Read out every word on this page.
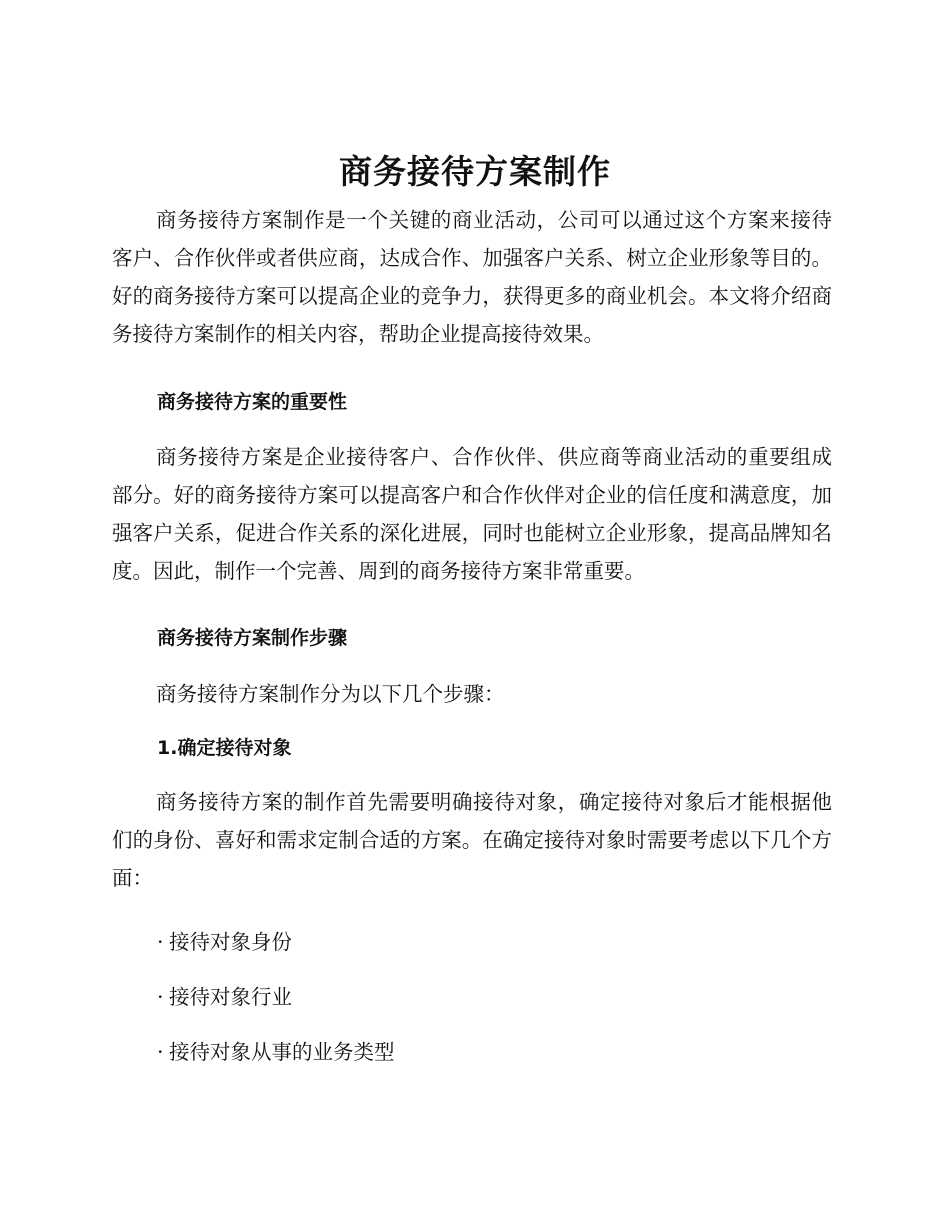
商务接待方案制作

商务接待方案制作是一个关键的商业活动，公司可以通过这个方案来接待客户、合作伙伴或者供应商，达成合作、加强客户关系、树立企业形象等目的。好的商务接待方案可以提高企业的竞争力，获得更多的商业机会。本文将介绍商务接待方案制作的相关内容，帮助企业提高接待效果。

商务接待方案的重要性

商务接待方案是企业接待客户、合作伙伴、供应商等商业活动的重要组成部分。好的商务接待方案可以提高客户和合作伙伴对企业的信任度和满意度，加强客户关系，促进合作关系的深化进展，同时也能树立企业形象，提高品牌知名度。因此，制作一个完善、周到的商务接待方案非常重要。

商务接待方案制作步骤

商务接待方案制作分为以下几个步骤：

1.确定接待对象

商务接待方案的制作首先需要明确接待对象，确定接待对象后才能根据他们的身份、喜好和需求定制合适的方案。在确定接待对象时需要考虑以下几个方面：

· 接待对象身份

· 接待对象行业

· 接待对象从事的业务类型
